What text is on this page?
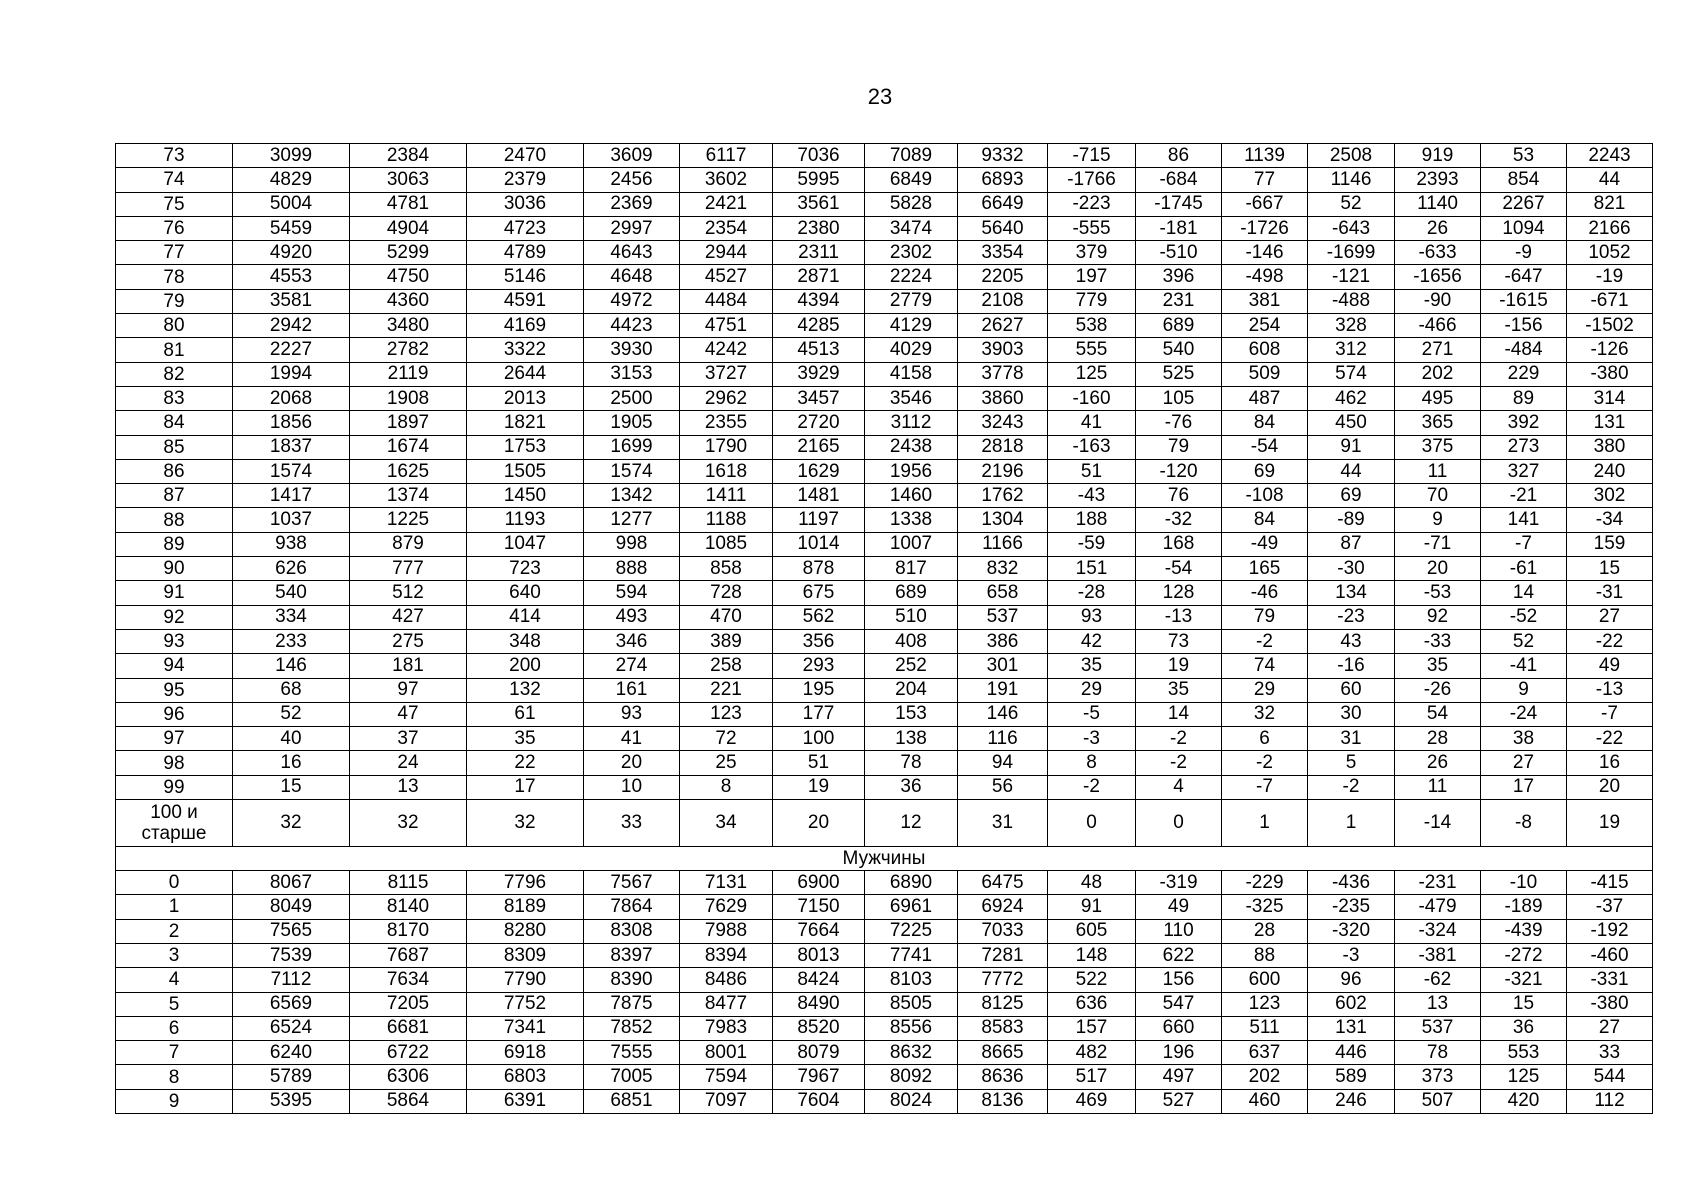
23
73	3099	2384	2470	3609	6117	7036	7089	9332	-715	86	1139	2508	919	53	2243
74	4829	3063	2379	2456	3602	5995	6849	6893	-1766	-684	77	1146	2393	854	44
75	5004	4781	3036	2369	2421	3561	5828	6649	-223	-1745	-667	52	1140	2267	821
76	5459	4904	4723	2997	2354	2380	3474	5640	-555	-181	-1726	-643	26	1094	2166
77	4920	5299	4789	4643	2944	2311	2302	3354	379	-510	-146	-1699	-633	-9	1052
78	4553	4750	5146	4648	4527	2871	2224	2205	197	396	-498	-121	-1656	-647	-19
79	3581	4360	4591	4972	4484	4394	2779	2108	779	231	381	-488	-90	-1615	-671
80	2942	3480	4169	4423	4751	4285	4129	2627	538	689	254	328	-466	-156	-1502
81	2227	2782	3322	3930	4242	4513	4029	3903	555	540	608	312	271	-484	-126
82	1994	2119	2644	3153	3727	3929	4158	3778	125	525	509	574	202	229	-380
83	2068	1908	2013	2500	2962	3457	3546	3860	-160	105	487	462	495	89	314
84	1856	1897	1821	1905	2355	2720	3112	3243	41	-76	84	450	365	392	131
85	1837	1674	1753	1699	1790	2165	2438	2818	-163	79	-54	91	375	273	380
86	1574	1625	1505	1574	1618	1629	1956	2196	51	-120	69	44	11	327	240
87	1417	1374	1450	1342	1411	1481	1460	1762	-43	76	-108	69	70	-21	302
88	1037	1225	1193	1277	1188	1197	1338	1304	188	-32	84	-89	9	141	-34
89	938	879	1047	998	1085	1014	1007	1166	-59	168	-49	87	-71	-7	159
90	626	777	723	888	858	878	817	832	151	-54	165	-30	20	-61	15
91	540	512	640	594	728	675	689	658	-28	128	-46	134	-53	14	-31
92	334	427	414	493	470	562	510	537	93	-13	79	-23	92	-52	27
93	233	275	348	346	389	356	408	386	42	73	-2	43	-33	52	-22
94	146	181	200	274	258	293	252	301	35	19	74	-16	35	-41	49
95	68	97	132	161	221	195	204	191	29	35	29	60	-26	9	-13
96	52	47	61	93	123	177	153	146	-5	14	32	30	54	-24	-7
97	40	37	35	41	72	100	138	116	-3	-2	6	31	28	38	-22
98	16	24	22	20	25	51	78	94	8	-2	-2	5	26	27	16
99	15	13	17	10	8	19	36	56	-2	4	-7	-2	11	17	20
100 и старше	32	32	32	33	34	20	12	31	0	0	1	1	-14	-8	19
Мужчины															
0	8067	8115	7796	7567	7131	6900	6890	6475	48	-319	-229	-436	-231	-10	-415
1	8049	8140	8189	7864	7629	7150	6961	6924	91	49	-325	-235	-479	-189	-37
2	7565	8170	8280	8308	7988	7664	7225	7033	605	110	28	-320	-324	-439	-192
3	7539	7687	8309	8397	8394	8013	7741	7281	148	622	88	-3	-381	-272	-460
4	7112	7634	7790	8390	8486	8424	8103	7772	522	156	600	96	-62	-321	-331
5	6569	7205	7752	7875	8477	8490	8505	8125	636	547	123	602	13	15	-380
6	6524	6681	7341	7852	7983	8520	8556	8583	157	660	511	131	537	36	27
7	6240	6722	6918	7555	8001	8079	8632	8665	482	196	637	446	78	553	33
8	5789	6306	6803	7005	7594	7967	8092	8636	517	497	202	589	373	125	544
9	5395	5864	6391	6851	7097	7604	8024	8136	469	527	460	246	507	420	112
